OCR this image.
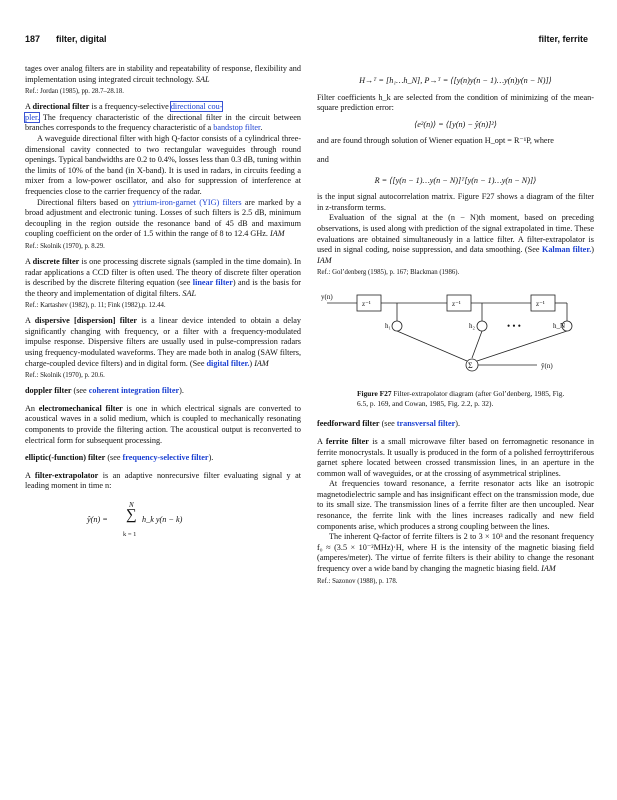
187 filter, digital	filter, ferrite

tages over analog filters are in stability and repeatability of response, flexibility and implementation using integrated circuit technology. SAL

Ref.: Jordan (1985), pp. 28.7–28.18.

A directional filter is a frequency-selective directional cou-
pler. The frequency characteristic of the directional filter in the circuit between branches corresponds to the frequency characteristic of a bandstop filter.

A waveguide directional filter with high Q-factor consists of a cylindrical three-dimensional cavity connected to two rectangular waveguides through round openings. Typical bandwidths are 0.2 to 0.4%, losses less than 0.3 dB, tuning within the limits of 10% of the band (in X-band). It is used in radars, in circuits feeding a mixer from a low-power oscillator, and also for suppression of interference at frequencies close to the carrier frequency of the radar.

Directional filters based on yttrium-iron-garnet (YIG) filters are marked by a broad adjustment and electronic tuning. Losses of such filters is 2.5 dB, minimum decoupling in the region outside the resonance band of 45 dB and maximum coupling coefficient on the order of 1.5 within the range of 8 to 12.4 GHz. IAM

Ref.: Skolnik (1970), p. 8.29.

A discrete filter is one processing discrete signals (sampled in the time domain). In radar applications a CCD filter is often used. The theory of discrete filter operation is described by the discrete filtering equation (see linear filter) and is the basis for the theory and implementation of digital filters. SAL

Ref.: Kartashev (1982), p. 11; Fink (1982),p. 12.44.

A dispersive [dispersion] filter is a linear device intended to obtain a delay significantly changing with frequency, or a filter with a frequency-modulated impulse response. Dispersive filters are usually used in pulse-compression radars using frequency-modulated waveforms. They are made both in analog (SAW filters, charge-coupled device filters) and in digital form. (See digital filter.) IAM

Ref.: Skolnik (1970), p. 20.6.

doppler filter (see coherent integration filter).

An electromechanical filter is one in which electrical signals are converted to acoustical waves in a solid medium, which is coupled to mechanically resonating components to provide the filtering action. The acoustical output is reconverted to electrical form for subsequent processing.

elliptic(-function) filter (see frequency-selective filter).

A filter-extrapolator is an adaptive nonrecursive filter evaluating signal y at leading moment in time n:

ŷ(n) =
N
∑ h_k y(n − k)
k = 1
H→ᵀ = [h₁…h_N], P→ᵀ = ⟨[y(n)y(n − 1)…y(n)y(n − N)]⟩

Filter coefficients h_k are selected from the condition of minimizing of the mean-square prediction error:

⟨e²(n)⟩ = ⟨[y(n) − ŷ(n)]²⟩

and are found through solution of Wiener equation H_opt = R⁻¹P, where

and

R = ⟨[y(n − 1)…y(n − N)]ᵀ[y(n − 1)…y(n − N)]⟩

is the input signal autocorrelation matrix. Figure F27 shows a diagram of the filter in z-transform terms.

Evaluation of the signal at the (n − N)th moment, based on preceding observations, is used along with prediction of the signal extrapolated in time. These evaluations are obtained simultaneously in a lattice filter. A filter-extrapolator is used in signal coding, noise suppression, and data smoothing. (See Kalman filter.) IAM

Ref.: Gol’denberg (1985), p. 167; Blackman (1986).
y(n)
z⁻¹	z⁻¹	z⁻¹
h₁	h₂	h_N
• • •
Σ	ŷ(n)
Figure F27 Filter-extrapolator diagram (after Gol’denberg, 1985, Fig. 6.5, p. 169, and Cowan, 1985, Fig. 2.2, p. 32).

feedforward filter (see transversal filter).

A ferrite filter is a small microwave filter based on ferromagnetic resonance in ferrite monocrystals. It usually is produced in the form of a polished ferroyttriferous garnet sphere located between crossed transmission lines, in an aperture in the common wall of waveguides, or at the crossing of asymmetrical striplines.

At frequencies toward resonance, a ferrite resonator acts like an isotropic magnetodielectric sample and has insignificant effect on the transmission mode, due to its small size. The transmission lines of a ferrite filter are then uncoupled. Near resonance, the ferrite link with the lines increases radically and new field components arise, which produces a strong coupling between the lines.

The inherent Q-factor of ferrite filters is 2 to 3 × 10³ and the resonant frequency f₀ ≈ (3.5 × 10⁻²MHz)·H, where H is the intensity of the magnetic biasing field (amperes/meter). The virtue of ferrite filters is their ability to change the resonant frequency over a wide band by changing the magnetic biasing field. IAM

Ref.: Sazonov (1988), p. 178.
